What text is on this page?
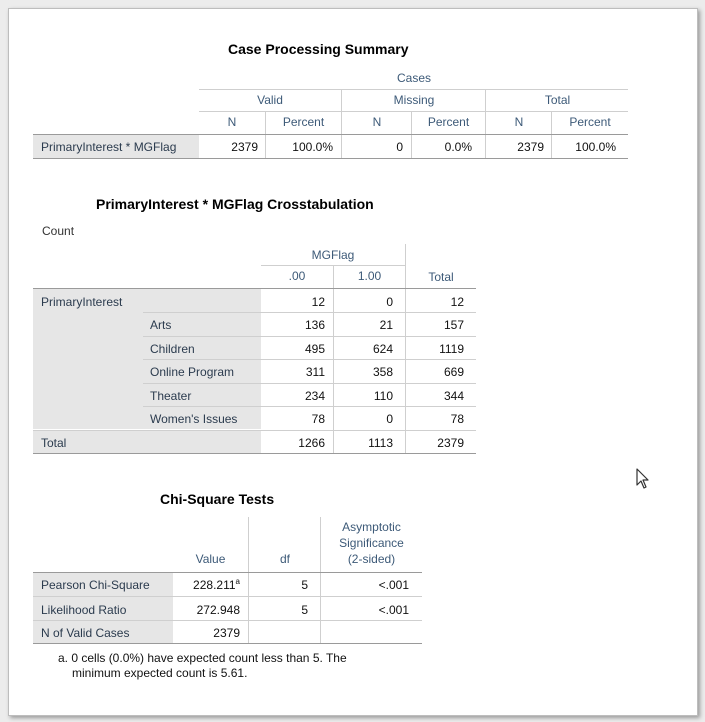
Case Processing Summary
Cases
Valid	Missing	Total
N	Percent	N	Percent	N	Percent
PrimaryInterest * MGFlag	2379	100.0%	0	0.0%	2379	100.0%
PrimaryInterest * MGFlag Crosstabulation
Count
MGFlag
.00	1.00	Total
PrimaryInterest	12	0	12
Arts	136	21	157
Children	495	624	1119
Online Program	311	358	669
Theater	234	110	344
Women's Issues	78	0	78
Total	1266	1113	2379
Chi-Square Tests
Value	df
Asymptotic
Significance
(2-sided)
Pearson Chi-Square	228.211$^a$	5	<.001
Likelihood Ratio	272.948	5	<.001
N of Valid Cases	2379
a. 0 cells (0.0%) have expected count less than 5. The
minimum expected count is 5.61.
